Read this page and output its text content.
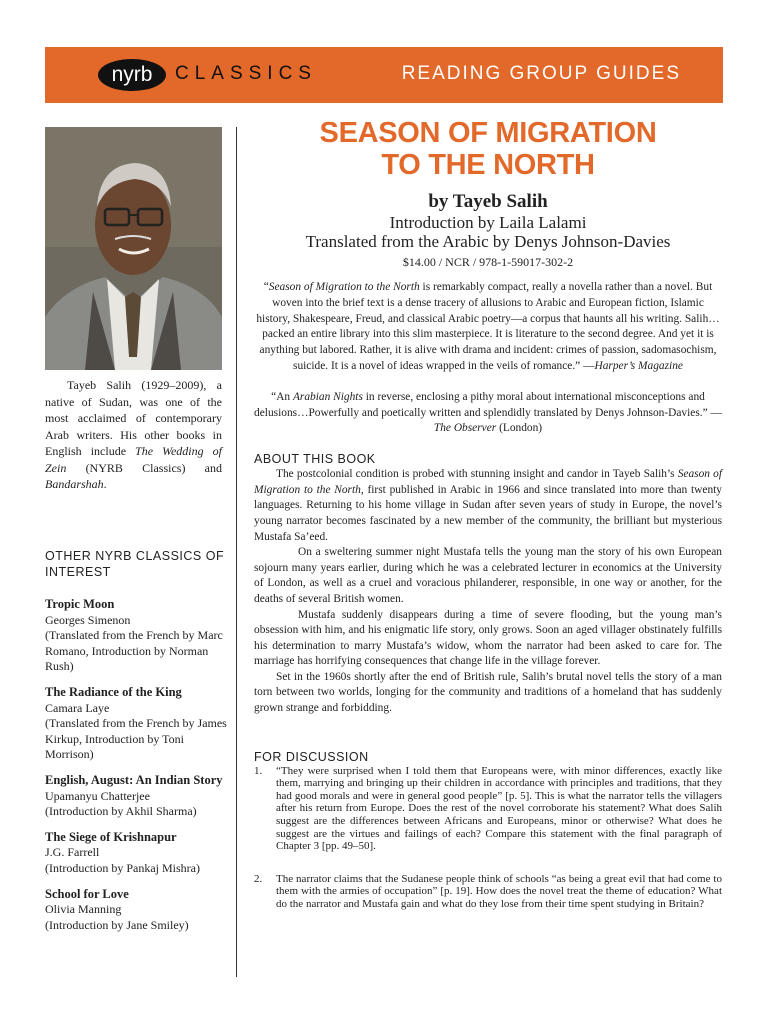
nyrb	CLASSICS	READING GROUP GUIDES
Tayeb Salih (1929–2009), a native of Sudan, was one of the most acclaimed of contemporary Arab writers. His other books in English include The Wedding of Zein (NYRB Classics) and Bandarshah.
OTHER NYRB CLASSICS OF INTEREST
Tropic Moon
Georges Simenon
(Translated from the French by Marc Romano, Introduction by Norman Rush)
The Radiance of the King
Camara Laye
(Translated from the French by James Kirkup, Introduction by Toni Morrison)
English, August: An Indian Story
Upamanyu Chatterjee
(Introduction by Akhil Sharma)
The Siege of Krishnapur
J.G. Farrell
(Introduction by Pankaj Mishra)
School for Love
Olivia Manning
(Introduction by Jane Smiley)
SEASON OF MIGRATION
TO THE NORTH
by Tayeb Salih
Introduction by Laila Lalami
Translated from the Arabic by Denys Johnson-Davies
$14.00 / NCR / 978-1-59017-302-2
“Season of Migration to the North is remarkably compact, really a novella rather than a novel. But woven into the brief text is a dense tracery of allusions to Arabic and European fiction, Islamic history, Shakespeare, Freud, and classical Arabic poetry—a corpus that haunts all his writing. Salih…packed an entire library into this slim masterpiece. It is literature to the second degree. And yet it is anything but labored. Rather, it is alive with drama and incident: crimes of passion, sadomasochism, suicide. It is a novel of ideas wrapped in the veils of romance.” —Harper’s Magazine
“An Arabian Nights in reverse, enclosing a pithy moral about international misconceptions and delusions…Powerfully and poetically written and splendidly translated by Denys Johnson-Davies.” —The Observer (London)
ABOUT THIS BOOK

The postcolonial condition is probed with stunning insight and candor in Tayeb Salih’s Season of Migration to the North, first published in Arabic in 1966 and since translated into more than twenty languages. Returning to his home village in Sudan after seven years of study in Europe, the novel’s young narrator becomes fascinated by a new member of the community, the brilliant but mysterious Mustafa Sa’eed.

On a sweltering summer night Mustafa tells the young man the story of his own European sojourn many years earlier, during which he was a celebrated lecturer in economics at the University of London, as well as a cruel and voracious philanderer, responsible, in one way or another, for the deaths of several British women.

Mustafa suddenly disappears during a time of severe flooding, but the young man’s obsession with him, and his enigmatic life story, only grows. Soon an aged villager obstinately fulfills his determination to marry Mustafa’s widow, whom the narrator had been asked to care for. The marriage has horrifying consequences that change life in the village forever.

Set in the 1960s shortly after the end of British rule, Salih’s brutal novel tells the story of a man torn between two worlds, longing for the community and traditions of a homeland that has suddenly grown strange and forbidding.

FOR DISCUSSION
1.	“They were surprised when I told them that Europeans were, with minor differences, exactly like them, marrying and bringing up their children in accordance with principles and traditions, that they had good morals and were in general good people” [p. 5]. This is what the narrator tells the villagers after his return from Europe. Does the rest of the novel corroborate his statement? What does Salih suggest are the differences between Africans and Europeans, minor or otherwise? What does he suggest are the virtues and failings of each? Compare this statement with the final paragraph of Chapter 3 [pp. 49–50].
2.	The narrator claims that the Sudanese people think of schools “as being a great evil that had come to them with the armies of occupation” [p. 19]. How does the novel treat the theme of education? What do the narrator and Mustafa gain and what do they lose from their time spent studying in Britain?
